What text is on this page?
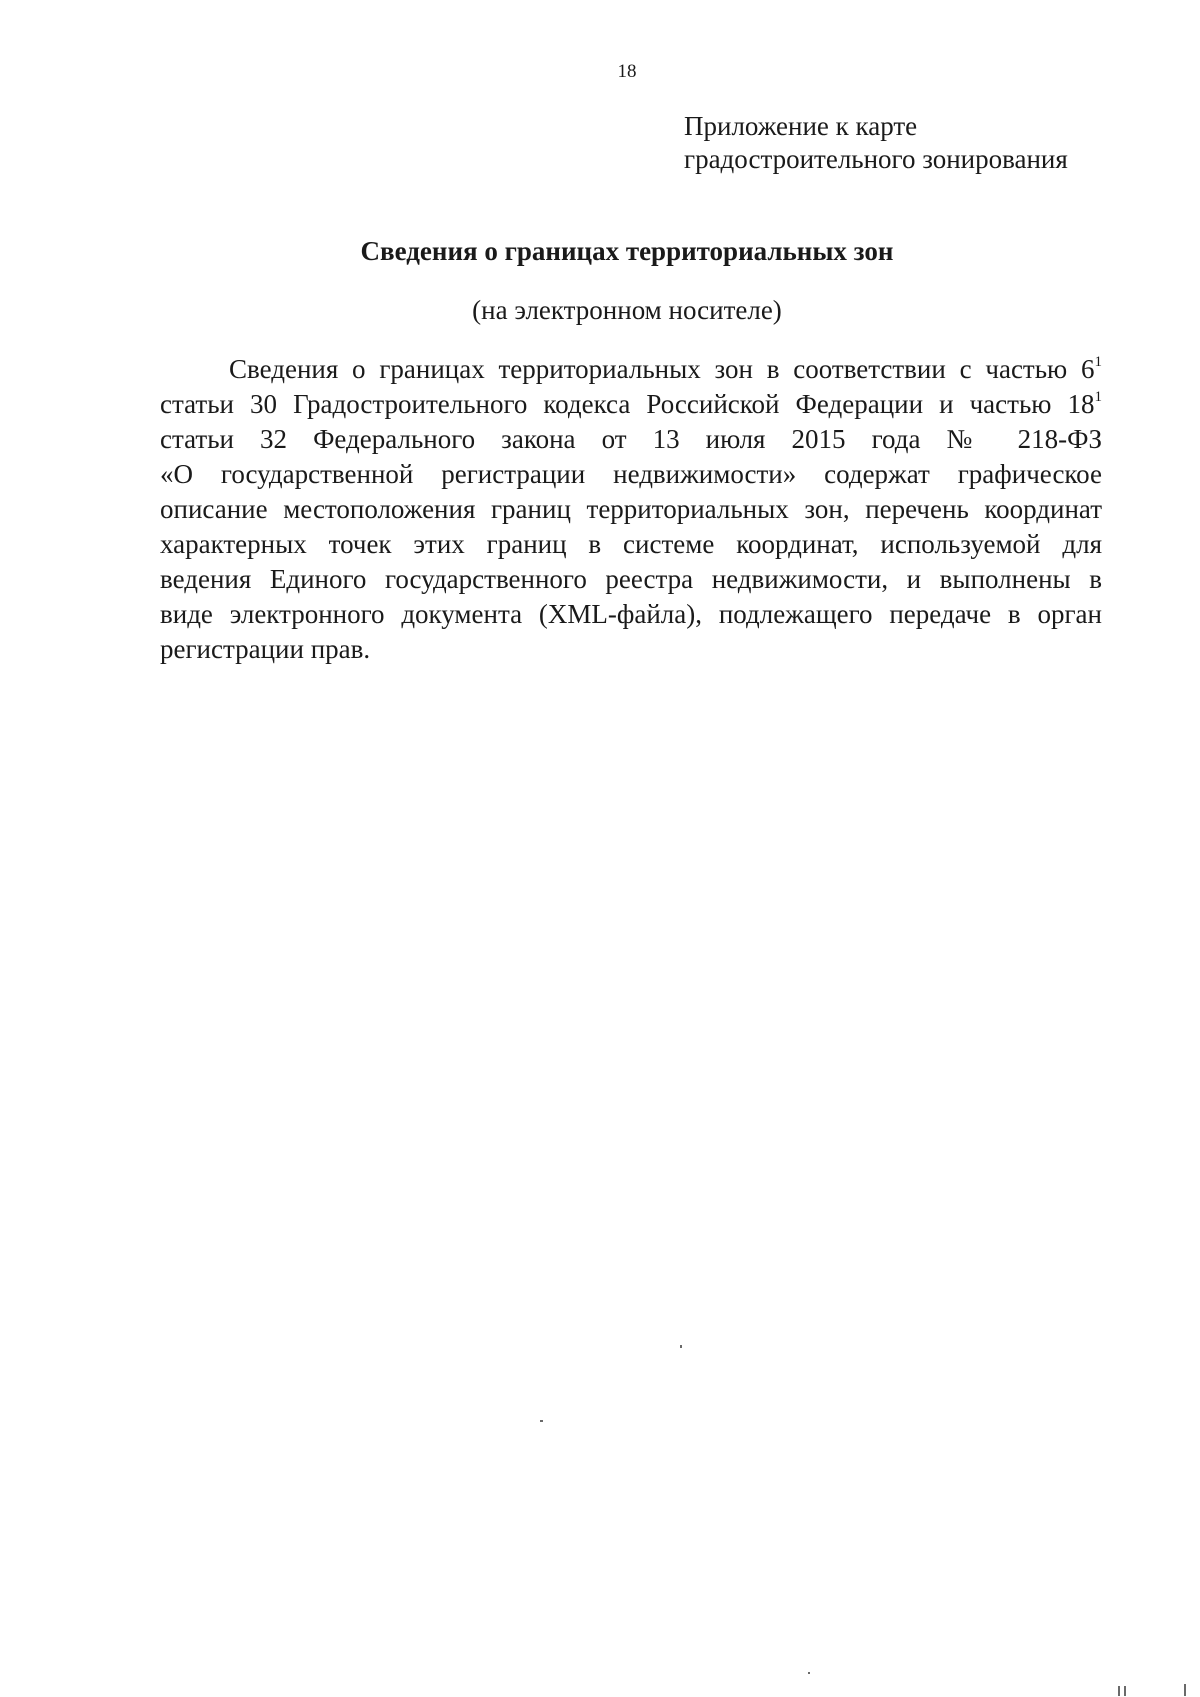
18
Приложение к карте
градостроительного зонирования
Сведения о границах территориальных зон
(на электронном носителе)
Сведения о границах территориальных зон в соответствии с частью $6^1$
статьи 30 Градостроительного кодекса Российской Федерации и частью $18^1$
статьи 32 Федерального закона от 13 июля 2015 года № 218-ФЗ
«О государственной регистрации недвижимости» содержат графическое
описание местоположения границ территориальных зон, перечень координат
характерных точек этих границ в системе координат, используемой для
ведения Единого государственного реестра недвижимости, и выполнены в
виде электронного документа (XML-файла), подлежащего передаче в орган
регистрации прав.
